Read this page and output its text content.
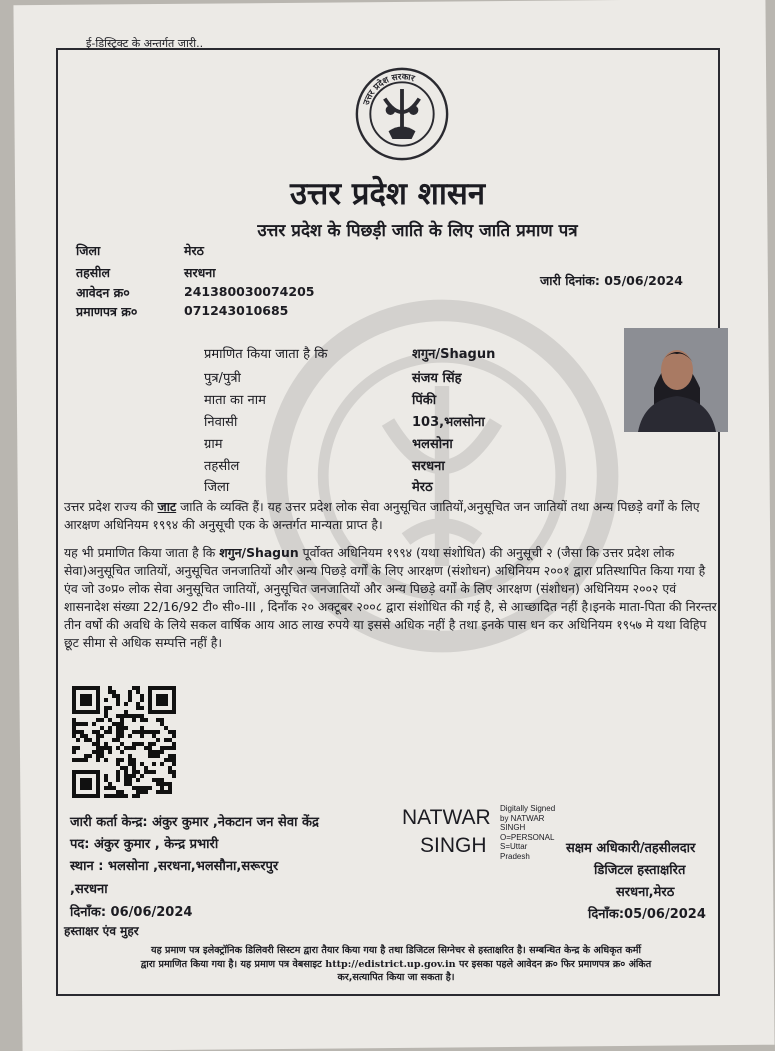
ई-डिस्ट्रिक्ट के अन्तर्गत जारी..
उत्तर प्रदेश सरकार
उत्तर प्रदेश शासन
उत्तर प्रदेश के पिछड़ी जाति के लिए जाति प्रमाण पत्र
जिला	मेरठ
तहसील	सरधना
आवेदन क्र०	241380030074205
प्रमाणपत्र क्र०	071243010685
जारी दिनांक: 05/06/2024
प्रमाणित किया जाता है कि	शगुन/Shagun
पुत्र/पुत्री	संजय सिंह
माता का नाम	पिंकी
निवासी	103,भलसोना
ग्राम	भलसोना
तहसील	सरधना
जिला	मेरठ
उत्तर प्रदेश राज्य की जाट जाति के व्यक्ति हैं। यह उत्तर प्रदेश लोक सेवा अनुसूचित जातियों,अनुसूचित जन जातियों तथा अन्य पिछड़े वर्गों के लिए आरक्षण अधिनियम १९९४ की अनुसूची एक के अन्तर्गत मान्यता प्राप्त है।
यह भी प्रमाणित किया जाता है कि शगुन/Shagun पूर्वोक्त अधिनियम १९९४ (यथा संशोधित) की अनुसूची २ (जैसा कि उत्तर प्रदेश लोक सेवा)अनुसूचित जातियों, अनुसूचित जनजातियों और अन्य पिछड़े वर्गों के लिए आरक्षण (संशोधन) अधिनियम २००१ द्वारा प्रतिस्थापित किया गया है एंव जो उ०प्र० लोक सेवा अनुसूचित जातियों, अनुसूचित जनजातियों और अन्य पिछड़े वर्गों के लिए आरक्षण (संशोधन) अधिनियम २००२ एवं शासनादेश संख्या 22/16/92 टी० सी०-III , दिनाँक २० अक्टूबर २००८ द्वारा संशोधित की गई है, से आच्छादित नहीं है।इनके माता-पिता की निरन्तर तीन वर्षो की अवधि के लिये सकल वार्षिक आय आठ लाख रुपये या इससे अधिक नहीं है तथा इनके पास धन कर अधिनियम १९५७ मे यथा विहिप छूट सीमा से अधिक सम्पत्ति नहीं है।
जारी कर्ता केन्द्र: अंकुर कुमार ,नेकटान जन सेवा केंद्र
पद: अंकुर कुमार , केन्द्र प्रभारी
स्थान : भलसोना ,सरधना,भलसौना,सरूरपुर
,सरधना
दिनाँक: 06/06/2024
हस्ताक्षर एंव मुहर
NATWAR
SINGH
Digitally Signed
by NATWAR
SINGH
O=PERSONAL
S=Uttar
Pradesh	सक्षम अधिकारी/तहसीलदार
डिजिटल हस्ताक्षरित
सरधना,मेरठ
दिनाँक:05/06/2024
यह प्रमाण पत्र इलेक्ट्रॉनिक डिलिवरी सिस्टम द्वारा तैयार किया गया है तथा डिजिटल सिग्नेचर से हस्ताक्षरित है। सम्बन्धित केन्द्र के अधिकृत कर्मी
द्वारा प्रमाणित किया गया है। यह प्रमाण पत्र वेबसाइट http://edistrict.up.gov.in पर इसका पहले आवेदन क्र० फिर प्रमाणपत्र क्र० अंकित
कर,सत्यापित किया जा सकता है।
